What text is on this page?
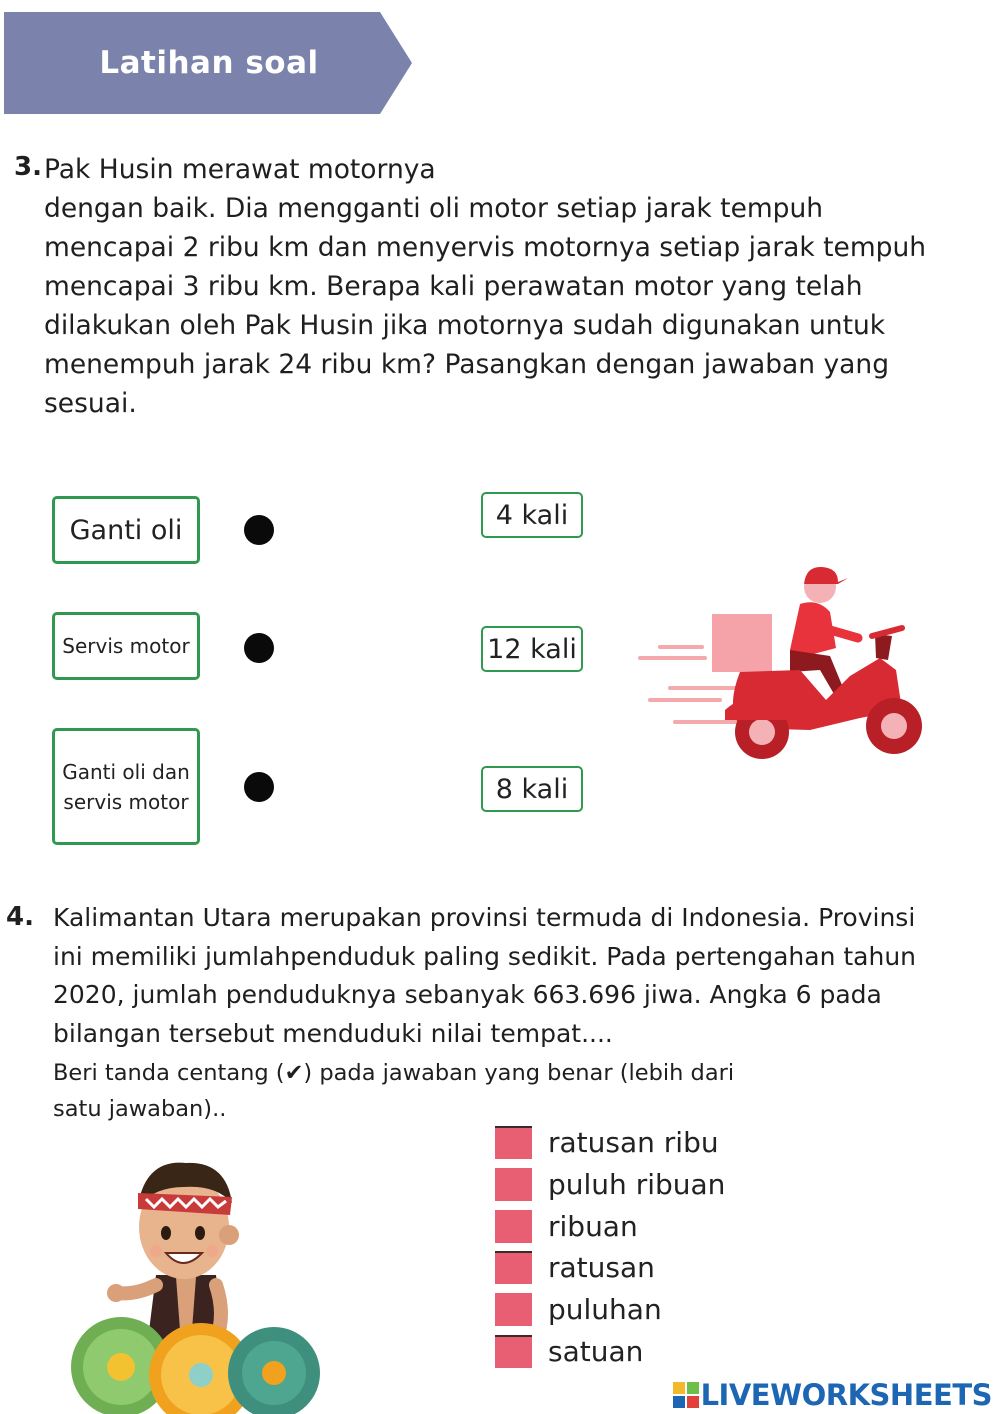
Latihan soal
3. Pak Husin merawat motornya
dengan baik. Dia mengganti oli motor setiap jarak tempuh
mencapai 2 ribu km dan menyervis motornya setiap jarak tempuh
mencapai 3 ribu km. Berapa kali perawatan motor yang telah
dilakukan oleh Pak Husin jika motornya sudah digunakan untuk
menempuh jarak 24 ribu km? Pasangkan dengan jawaban yang
sesuai.
Ganti oli
Servis motor
Ganti oli dan
servis motor
4 kali
12 kali
8 kali
4. Kalimantan Utara merupakan provinsi termuda di Indonesia. Provinsi
ini memiliki jumlahpenduduk paling sedikit. Pada pertengahan tahun
2020, jumlah penduduknya sebanyak 663.696 jiwa. Angka 6 pada
bilangan tersebut menduduki nilai tempat....
Beri tanda centang (✔) pada jawaban yang benar (lebih dari
satu jawaban)..
ratusan ribu
puluh ribuan
ribuan
ratusan
puluhan
satuan
LIVEWORKSHEETS
